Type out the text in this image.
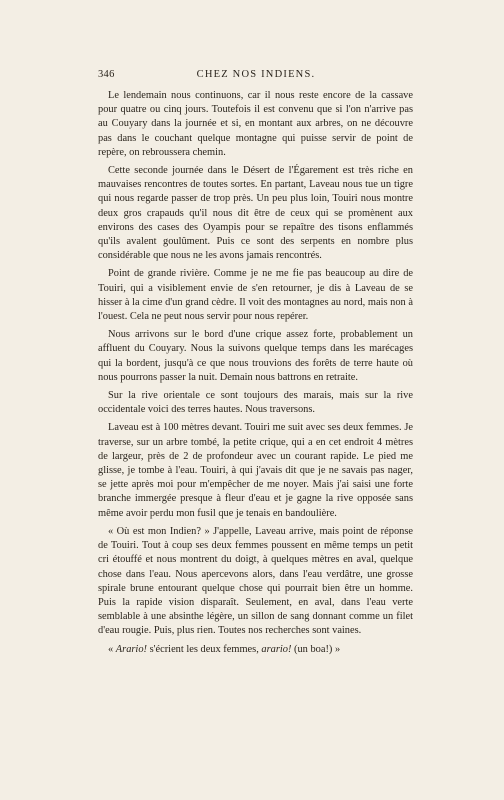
346	CHEZ NOS INDIENS.

Le lendemain nous continuons, car il nous reste encore de la cassave pour quatre ou cinq jours. Toutefois il est convenu que si l'on n'arrive pas au Couyary dans la journée et si, en montant aux arbres, on ne découvre pas dans le couchant quelque montagne qui puisse servir de point de repère, on rebroussera chemin.

Cette seconde journée dans le Désert de l'Égarement est très riche en mauvaises rencontres de toutes sortes. En partant, Laveau nous tue un tigre qui nous regarde passer de trop près. Un peu plus loin, Touiri nous montre deux gros crapauds qu'il nous dit être de ceux qui se promènent aux environs des cases des Oyampis pour se repaître des tisons enflammés qu'ils avalent goulûment. Puis ce sont des serpents en nombre plus considérable que nous ne les avons jamais rencontrés.

Point de grande rivière. Comme je ne me fie pas beaucoup au dire de Touiri, qui a visiblement envie de s'en retourner, je dis à Laveau de se hisser à la cime d'un grand cèdre. Il voit des montagnes au nord, mais non à l'ouest. Cela ne peut nous servir pour nous repérer.

Nous arrivons sur le bord d'une crique assez forte, probablement un affluent du Couyary. Nous la suivons quelque temps dans les marécages qui la bordent, jusqu'à ce que nous trouvions des forêts de terre haute où nous pourrons passer la nuit. Demain nous battrons en retraite.

Sur la rive orientale ce sont toujours des marais, mais sur la rive occidentale voici des terres hautes. Nous traversons.

Laveau est à 100 mètres devant. Touiri me suit avec ses deux femmes. Je traverse, sur un arbre tombé, la petite crique, qui a en cet endroit 4 mètres de largeur, près de 2 de profondeur avec un courant rapide. Le pied me glisse, je tombe à l'eau. Touiri, à qui j'avais dit que je ne savais pas nager, se jette après moi pour m'empêcher de me noyer. Mais j'ai saisi une forte branche immergée presque à fleur d'eau et je gagne la rive opposée sans même avoir perdu mon fusil que je tenais en bandoulière.

« Où est mon Indien? » J'appelle, Laveau arrive, mais point de réponse de Touiri. Tout à coup ses deux femmes poussent en même temps un petit cri étouffé et nous montrent du doigt, à quelques mètres en aval, quelque chose dans l'eau. Nous apercevons alors, dans l'eau verdâtre, une grosse spirale brune entourant quelque chose qui pourrait bien être un homme. Puis la rapide vision disparaît. Seulement, en aval, dans l'eau verte semblable à une absinthe légère, un sillon de sang donnant comme un filet d'eau rougie. Puis, plus rien. Toutes nos recherches sont vaines.

« Arario! s'écrient les deux femmes, arario! (un boa!) »
